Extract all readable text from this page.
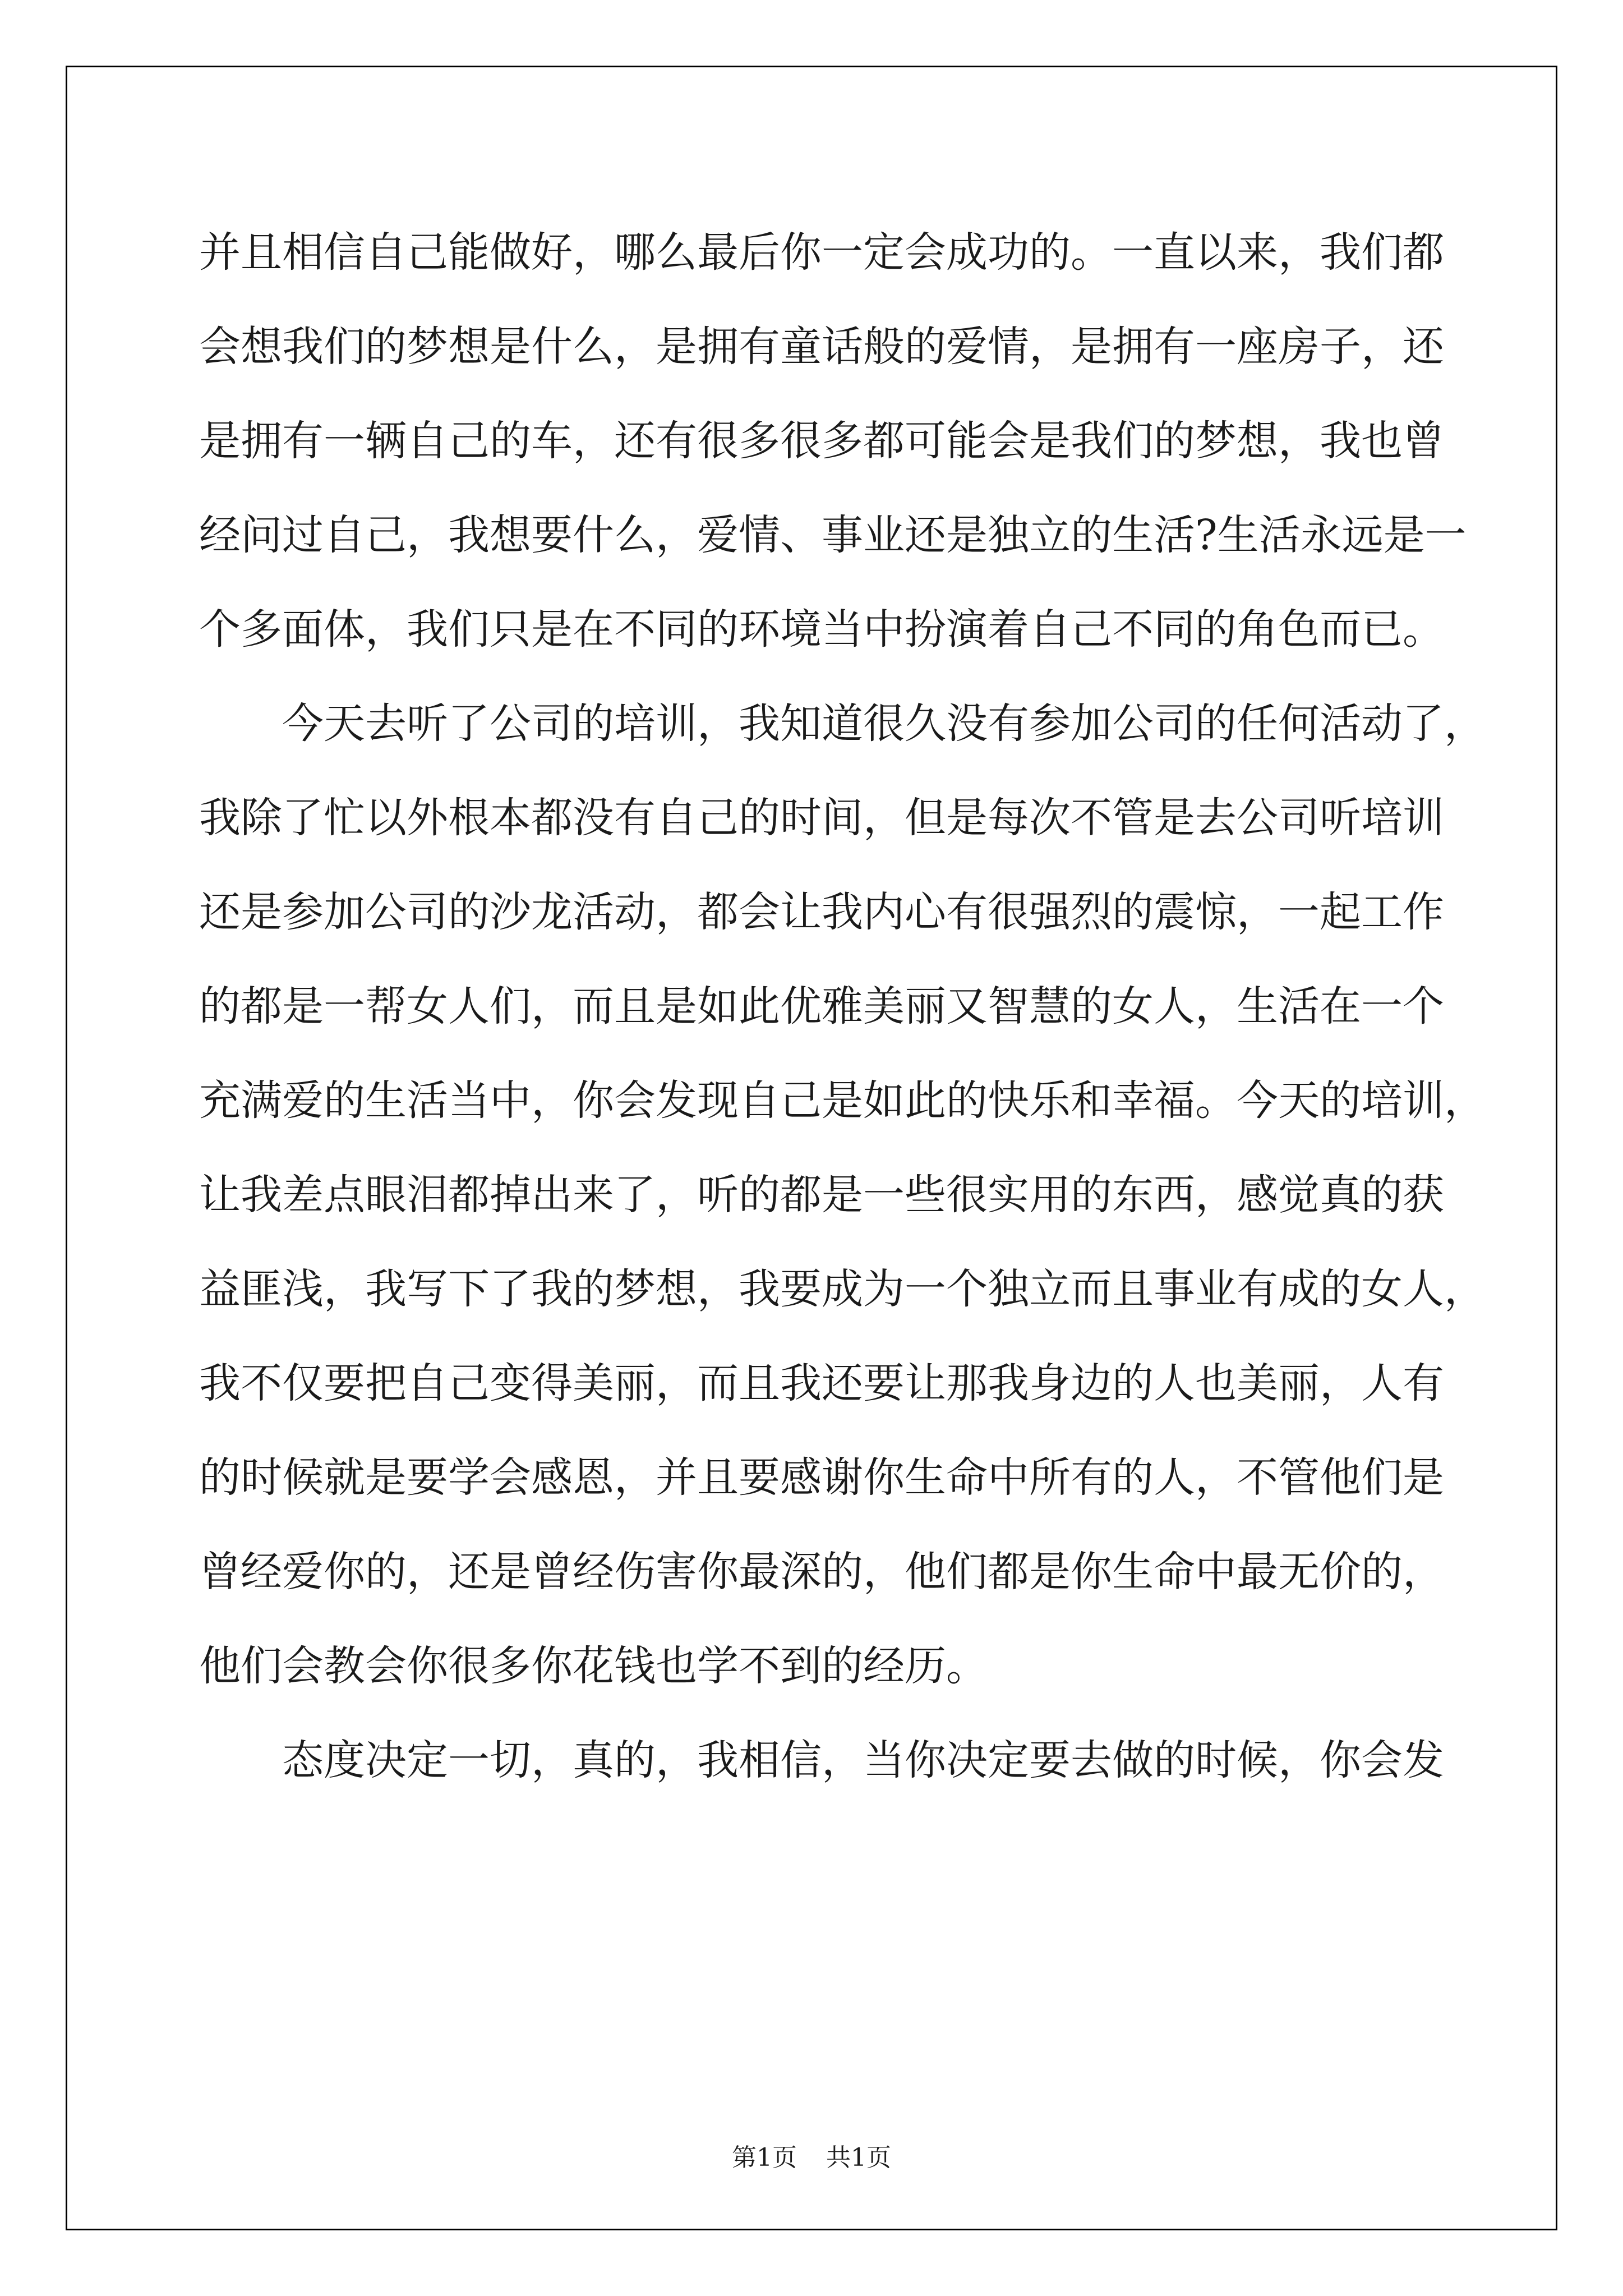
并且相信自己能做好，哪么最后你一定会成功的。一直以来，我们都
会想我们的梦想是什么，是拥有童话般的爱情，是拥有一座房子，还
是拥有一辆自己的车，还有很多很多都可能会是我们的梦想，我也曾
经问过自己，我想要什么，爱情、事业还是独立的生活?生活永远是一
个多面体，我们只是在不同的环境当中扮演着自己不同的角色而已。
今天去听了公司的培训，我知道很久没有参加公司的任何活动了，
我除了忙以外根本都没有自己的时间，但是每次不管是去公司听培训
还是参加公司的沙龙活动，都会让我内心有很强烈的震惊，一起工作
的都是一帮女人们，而且是如此优雅美丽又智慧的女人，生活在一个
充满爱的生活当中，你会发现自己是如此的快乐和幸福。今天的培训，
让我差点眼泪都掉出来了，听的都是一些很实用的东西，感觉真的获
益匪浅，我写下了我的梦想，我要成为一个独立而且事业有成的女人，
我不仅要把自己变得美丽，而且我还要让那我身边的人也美丽，人有
的时候就是要学会感恩，并且要感谢你生命中所有的人，不管他们是
曾经爱你的，还是曾经伤害你最深的，他们都是你生命中最无价的，
他们会教会你很多你花钱也学不到的经历。
态度决定一切，真的，我相信，当你决定要去做的时候，你会发
第1页 共1页
